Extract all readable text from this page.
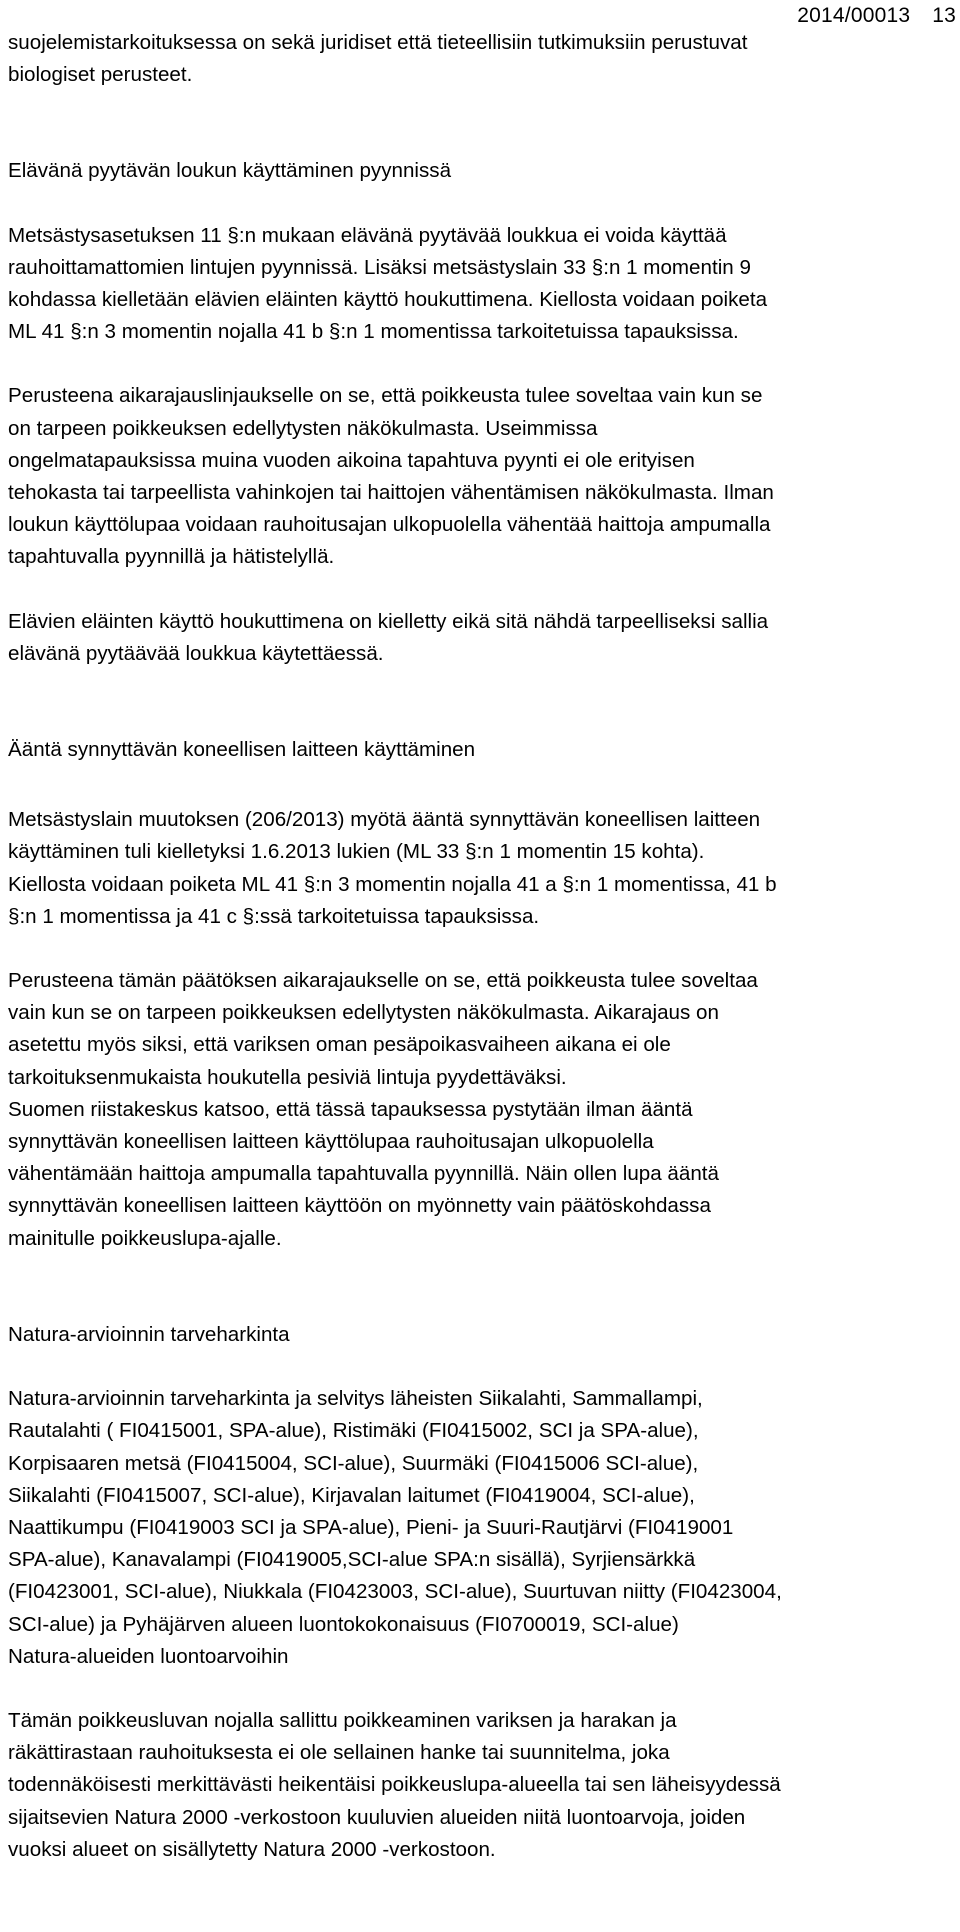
2014/00013 13

suojelemistarkoituksessa on sekä juridiset että tieteellisiin tutkimuksiin perustuvat
biologiset perusteet.

Elävänä pyytävän loukun käyttäminen pyynnissä

Metsästysasetuksen 11 §:n mukaan elävänä pyytävää loukkua ei voida käyttää
rauhoittamattomien lintujen pyynnissä. Lisäksi metsästyslain 33 §:n 1 momentin 9
kohdassa kielletään elävien eläinten käyttö houkuttimena. Kiellosta voidaan poiketa
ML 41 §:n 3 momentin nojalla 41 b §:n 1 momentissa tarkoitetuissa tapauksissa.

Perusteena aikarajauslinjaukselle on se, että poikkeusta tulee soveltaa vain kun se
on tarpeen poikkeuksen edellytysten näkökulmasta. Useimmissa
ongelmatapauksissa muina vuoden aikoina tapahtuva pyynti ei ole erityisen
tehokasta tai tarpeellista vahinkojen tai haittojen vähentämisen näkökulmasta. Ilman
loukun käyttölupaa voidaan rauhoitusajan ulkopuolella vähentää haittoja ampumalla
tapahtuvalla pyynnillä ja hätistelyllä.

Elävien eläinten käyttö houkuttimena on kielletty eikä sitä nähdä tarpeelliseksi sallia
elävänä pyytäävää loukkua käytettäessä.

Ääntä synnyttävän koneellisen laitteen käyttäminen

Metsästyslain muutoksen (206/2013) myötä ääntä synnyttävän koneellisen laitteen
käyttäminen tuli kielletyksi 1.6.2013 lukien (ML 33 §:n 1 momentin 15 kohta).
Kiellosta voidaan poiketa ML 41 §:n 3 momentin nojalla 41 a §:n 1 momentissa, 41 b
§:n 1 momentissa ja 41 c §:ssä tarkoitetuissa tapauksissa.

Perusteena tämän päätöksen aikarajaukselle on se, että poikkeusta tulee soveltaa
vain kun se on tarpeen poikkeuksen edellytysten näkökulmasta. Aikarajaus on
asetettu myös siksi, että variksen oman pesäpoikasvaiheen aikana ei ole
tarkoituksenmukaista houkutella pesiviä lintuja pyydettäväksi.
Suomen riistakeskus katsoo, että tässä tapauksessa pystytään ilman ääntä
synnyttävän koneellisen laitteen käyttölupaa rauhoitusajan ulkopuolella
vähentämään haittoja ampumalla tapahtuvalla pyynnillä. Näin ollen lupa ääntä
synnyttävän koneellisen laitteen käyttöön on myönnetty vain päätöskohdassa
mainitulle poikkeuslupa-ajalle.

Natura-arvioinnin tarveharkinta

Natura-arvioinnin tarveharkinta ja selvitys läheisten Siikalahti, Sammallampi,
Rautalahti ( FI0415001, SPA-alue), Ristimäki (FI0415002, SCI ja SPA-alue),
Korpisaaren metsä (FI0415004, SCI-alue), Suurmäki (FI0415006 SCI-alue),
Siikalahti (FI0415007, SCI-alue), Kirjavalan laitumet (FI0419004, SCI-alue),
Naattikumpu (FI0419003 SCI ja SPA-alue), Pieni- ja Suuri-Rautjärvi (FI0419001
SPA-alue), Kanavalampi (FI0419005,SCI-alue SPA:n sisällä), Syrjiensärkkä
(FI0423001, SCI-alue), Niukkala (FI0423003, SCI-alue), Suurtuvan niitty (FI0423004,
SCI-alue) ja Pyhäjärven alueen luontokokonaisuus (FI0700019, SCI-alue)
Natura-alueiden luontoarvoihin

Tämän poikkeusluvan nojalla sallittu poikkeaminen variksen ja harakan ja
räkättirastaan rauhoituksesta ei ole sellainen hanke tai suunnitelma, joka
todennäköisesti merkittävästi heikentäisi poikkeuslupa-alueella tai sen läheisyydessä
sijaitsevien Natura 2000 -verkostoon kuuluvien alueiden niitä luontoarvoja, joiden
vuoksi alueet on sisällytetty Natura 2000 -verkostoon.
